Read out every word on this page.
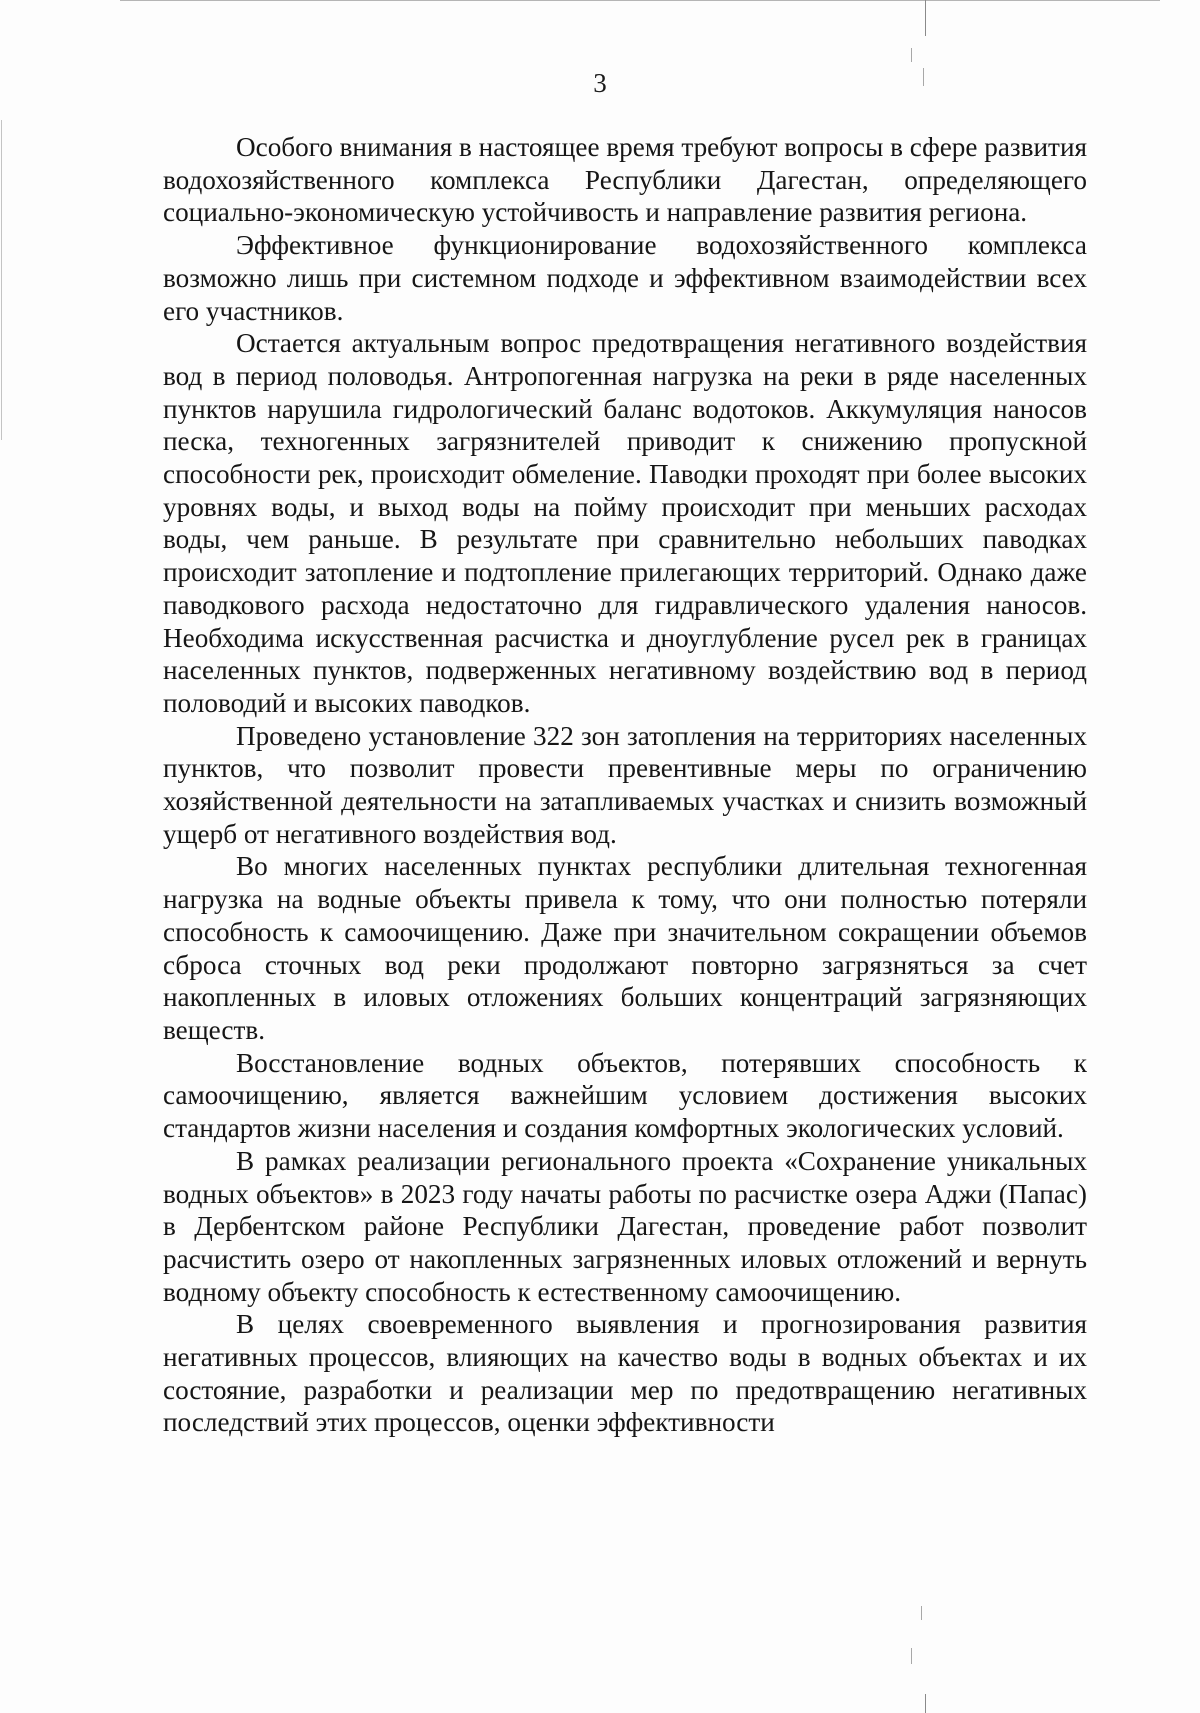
3

Особого внимания в настоящее время требуют вопросы в сфере развития водохозяйственного комплекса Республики Дагестан, определяющего социально-экономическую устойчивость и направление развития региона.

Эффективное функционирование водохозяйственного комплекса возможно лишь при системном подходе и эффективном взаимодействии всех его участников.

Остается актуальным вопрос предотвращения негативного воздействия вод в период половодья. Антропогенная нагрузка на реки в ряде населенных пунктов нарушила гидрологический баланс водотоков. Аккумуляция наносов песка, техногенных загрязнителей приводит к снижению пропускной способности рек, происходит обмеление. Паводки проходят при более высоких уровнях воды, и выход воды на пойму происходит при меньших расходах воды, чем раньше. В результате при сравнительно небольших паводках происходит затопление и подтопление прилегающих территорий. Однако даже паводкового расхода недостаточно для гидравлического удаления наносов. Необходима искусственная расчистка и дноуглубление русел рек в границах населенных пунктов, подверженных негативному воздействию вод в период половодий и высоких паводков.

Проведено установление 322 зон затопления на территориях населенных пунктов, что позволит провести превентивные меры по ограничению хозяйственной деятельности на затапливаемых участках и снизить возможный ущерб от негативного воздействия вод.

Во многих населенных пунктах республики длительная техногенная нагрузка на водные объекты привела к тому, что они полностью потеряли способность к самоочищению. Даже при значительном сокращении объемов сброса сточных вод реки продолжают повторно загрязняться за счет накопленных в иловых отложениях больших концентраций загрязняющих веществ.

Восстановление водных объектов, потерявших способность к самоочищению, является важнейшим условием достижения высоких стандартов жизни населения и создания комфортных экологических условий.

В рамках реализации регионального проекта «Сохранение уникальных водных объектов» в 2023 году начаты работы по расчистке озера Аджи (Папас) в Дербентском районе Республики Дагестан, проведение работ позволит расчистить озеро от накопленных загрязненных иловых отложений и вернуть водному объекту способность к естественному самоочищению.

В целях своевременного выявления и прогнозирования развития негативных процессов, влияющих на качество воды в водных объектах и их состояние, разработки и реализации мер по предотвращению негативных последствий этих процессов, оценки эффективности
